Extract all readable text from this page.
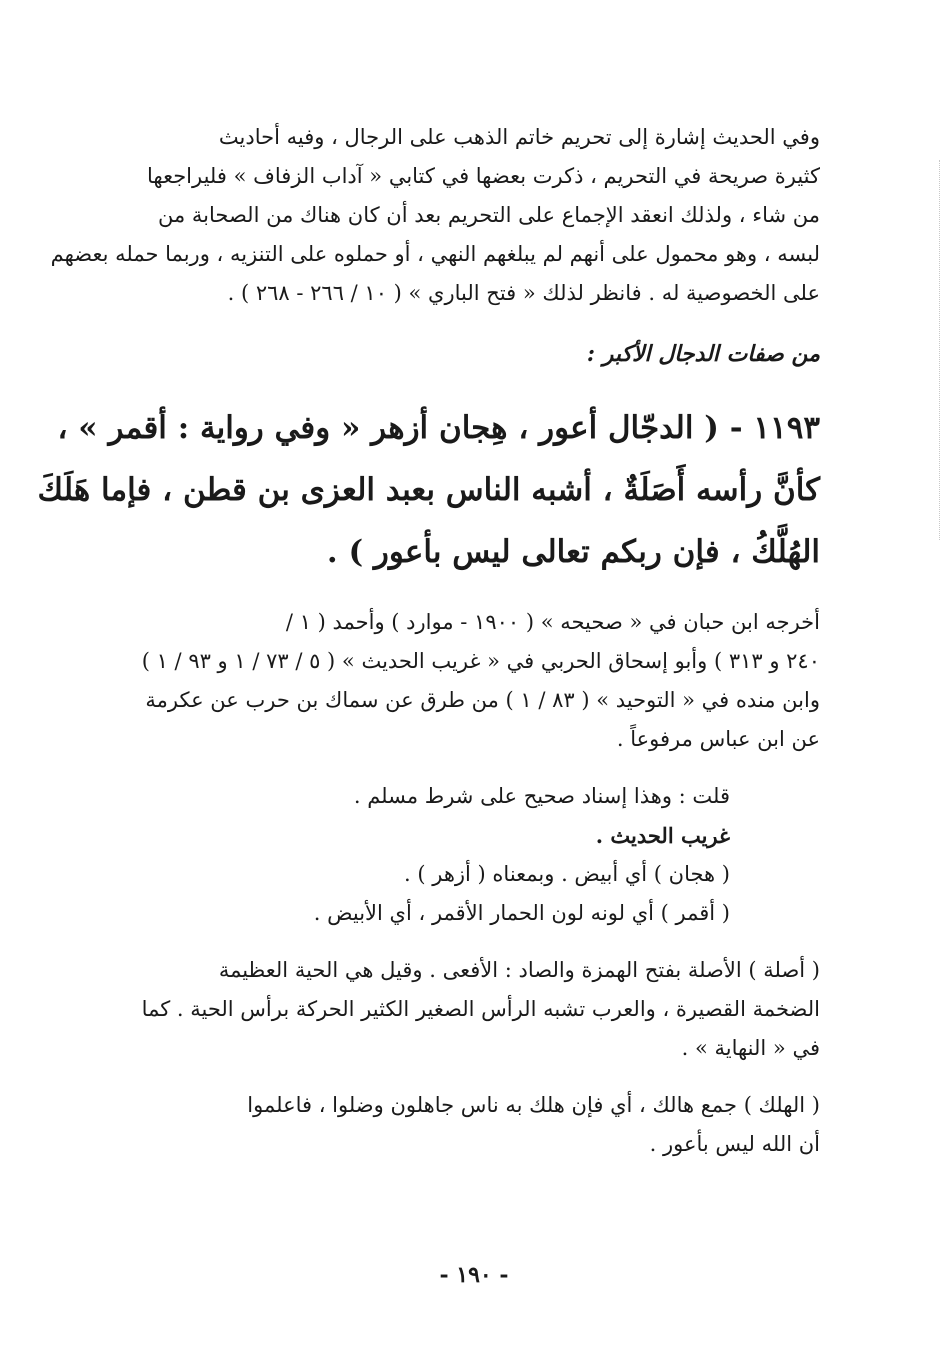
وفي الحديث إشارة إلى تحريم خاتم الذهب على الرجال ، وفيه أحاديث
كثيرة صريحة في التحريم ، ذكرت بعضها في كتابي « آداب الزفاف » فليراجعها
من شاء ، ولذلك انعقد الإجماع على التحريم بعد أن كان هناك من الصحابة من
لبسه ، وهو محمول على أنهم لم يبلغهم النهي ، أو حملوه على التنزيه ، وربما حمله بعضهم
على الخصوصية له . فانظر لذلك « فتح الباري » ( ١٠ / ٢٦٦ - ٢٦٨ ) .

من صفات الدجال الأكبر :

١١٩٣ - ( الدجّال أعور ، هِجان أزهر « وفي رواية : أقمر » ،
كأنَّ رأسه أَصَلَةٌ ، أشبه الناس بعبد العزى بن قطن ، فإما هَلَكَ
الهُلَّكُ ، فإن ربكم تعالى ليس بأعور ) .

أخرجه ابن حبان في « صحيحه » ( ١٩٠٠ - موارد ) وأحمد ( ١ /
٢٤٠ و ٣١٣ ) وأبو إسحاق الحربي في « غريب الحديث » ( ٥ / ٧٣ / ١ و ٩٣ / ١ )
وابن منده في « التوحيد » ( ٨٣ / ١ ) من طرق عن سماك بن حرب عن عكرمة
عن ابن عباس مرفوعاً .

قلت : وهذا إسناد صحيح على شرط مسلم .
غريب الحديث .
( هجان ) أي أبيض . وبمعناه ( أزهر ) .
( أقمر ) أي لونه لون الحمار الأقمر ، أي الأبيض .

( أصلة ) الأصلة بفتح الهمزة والصاد : الأفعى . وقيل هي الحية العظيمة
الضخمة القصيرة ، والعرب تشبه الرأس الصغير الكثير الحركة برأس الحية . كما
في « النهاية » .

( الهلك ) جمع هالك ، أي فإن هلك به ناس جاهلون وضلوا ، فاعلموا
أن الله ليس بأعور .

- ١٩٠ -
